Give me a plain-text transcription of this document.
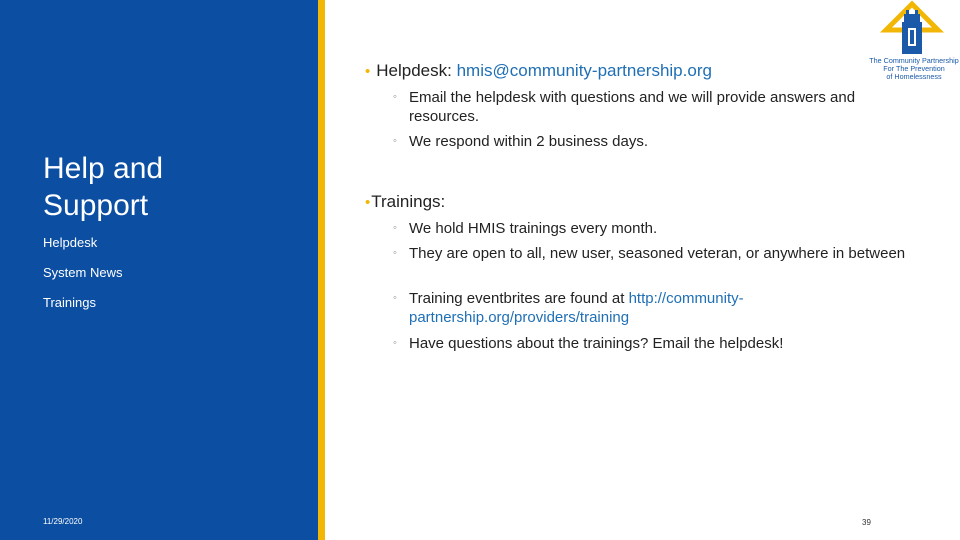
Help and
Support
Helpdesk
System News
Trainings
11/29/2020
The Community Partnership
For The Prevention
of Homelessness
• Helpdesk: hmis@community-partnership.org
◦ Email the helpdesk with questions and we will provide answers and resources.
◦ We respond within 2 business days.
•Trainings:
◦ We hold HMIS trainings every month.
◦ They are open to all, new user, seasoned veteran, or anywhere in between
◦ Training eventbrites are found at http://community-partnership.org/providers/training
◦ Have questions about the trainings? Email the helpdesk!
39
